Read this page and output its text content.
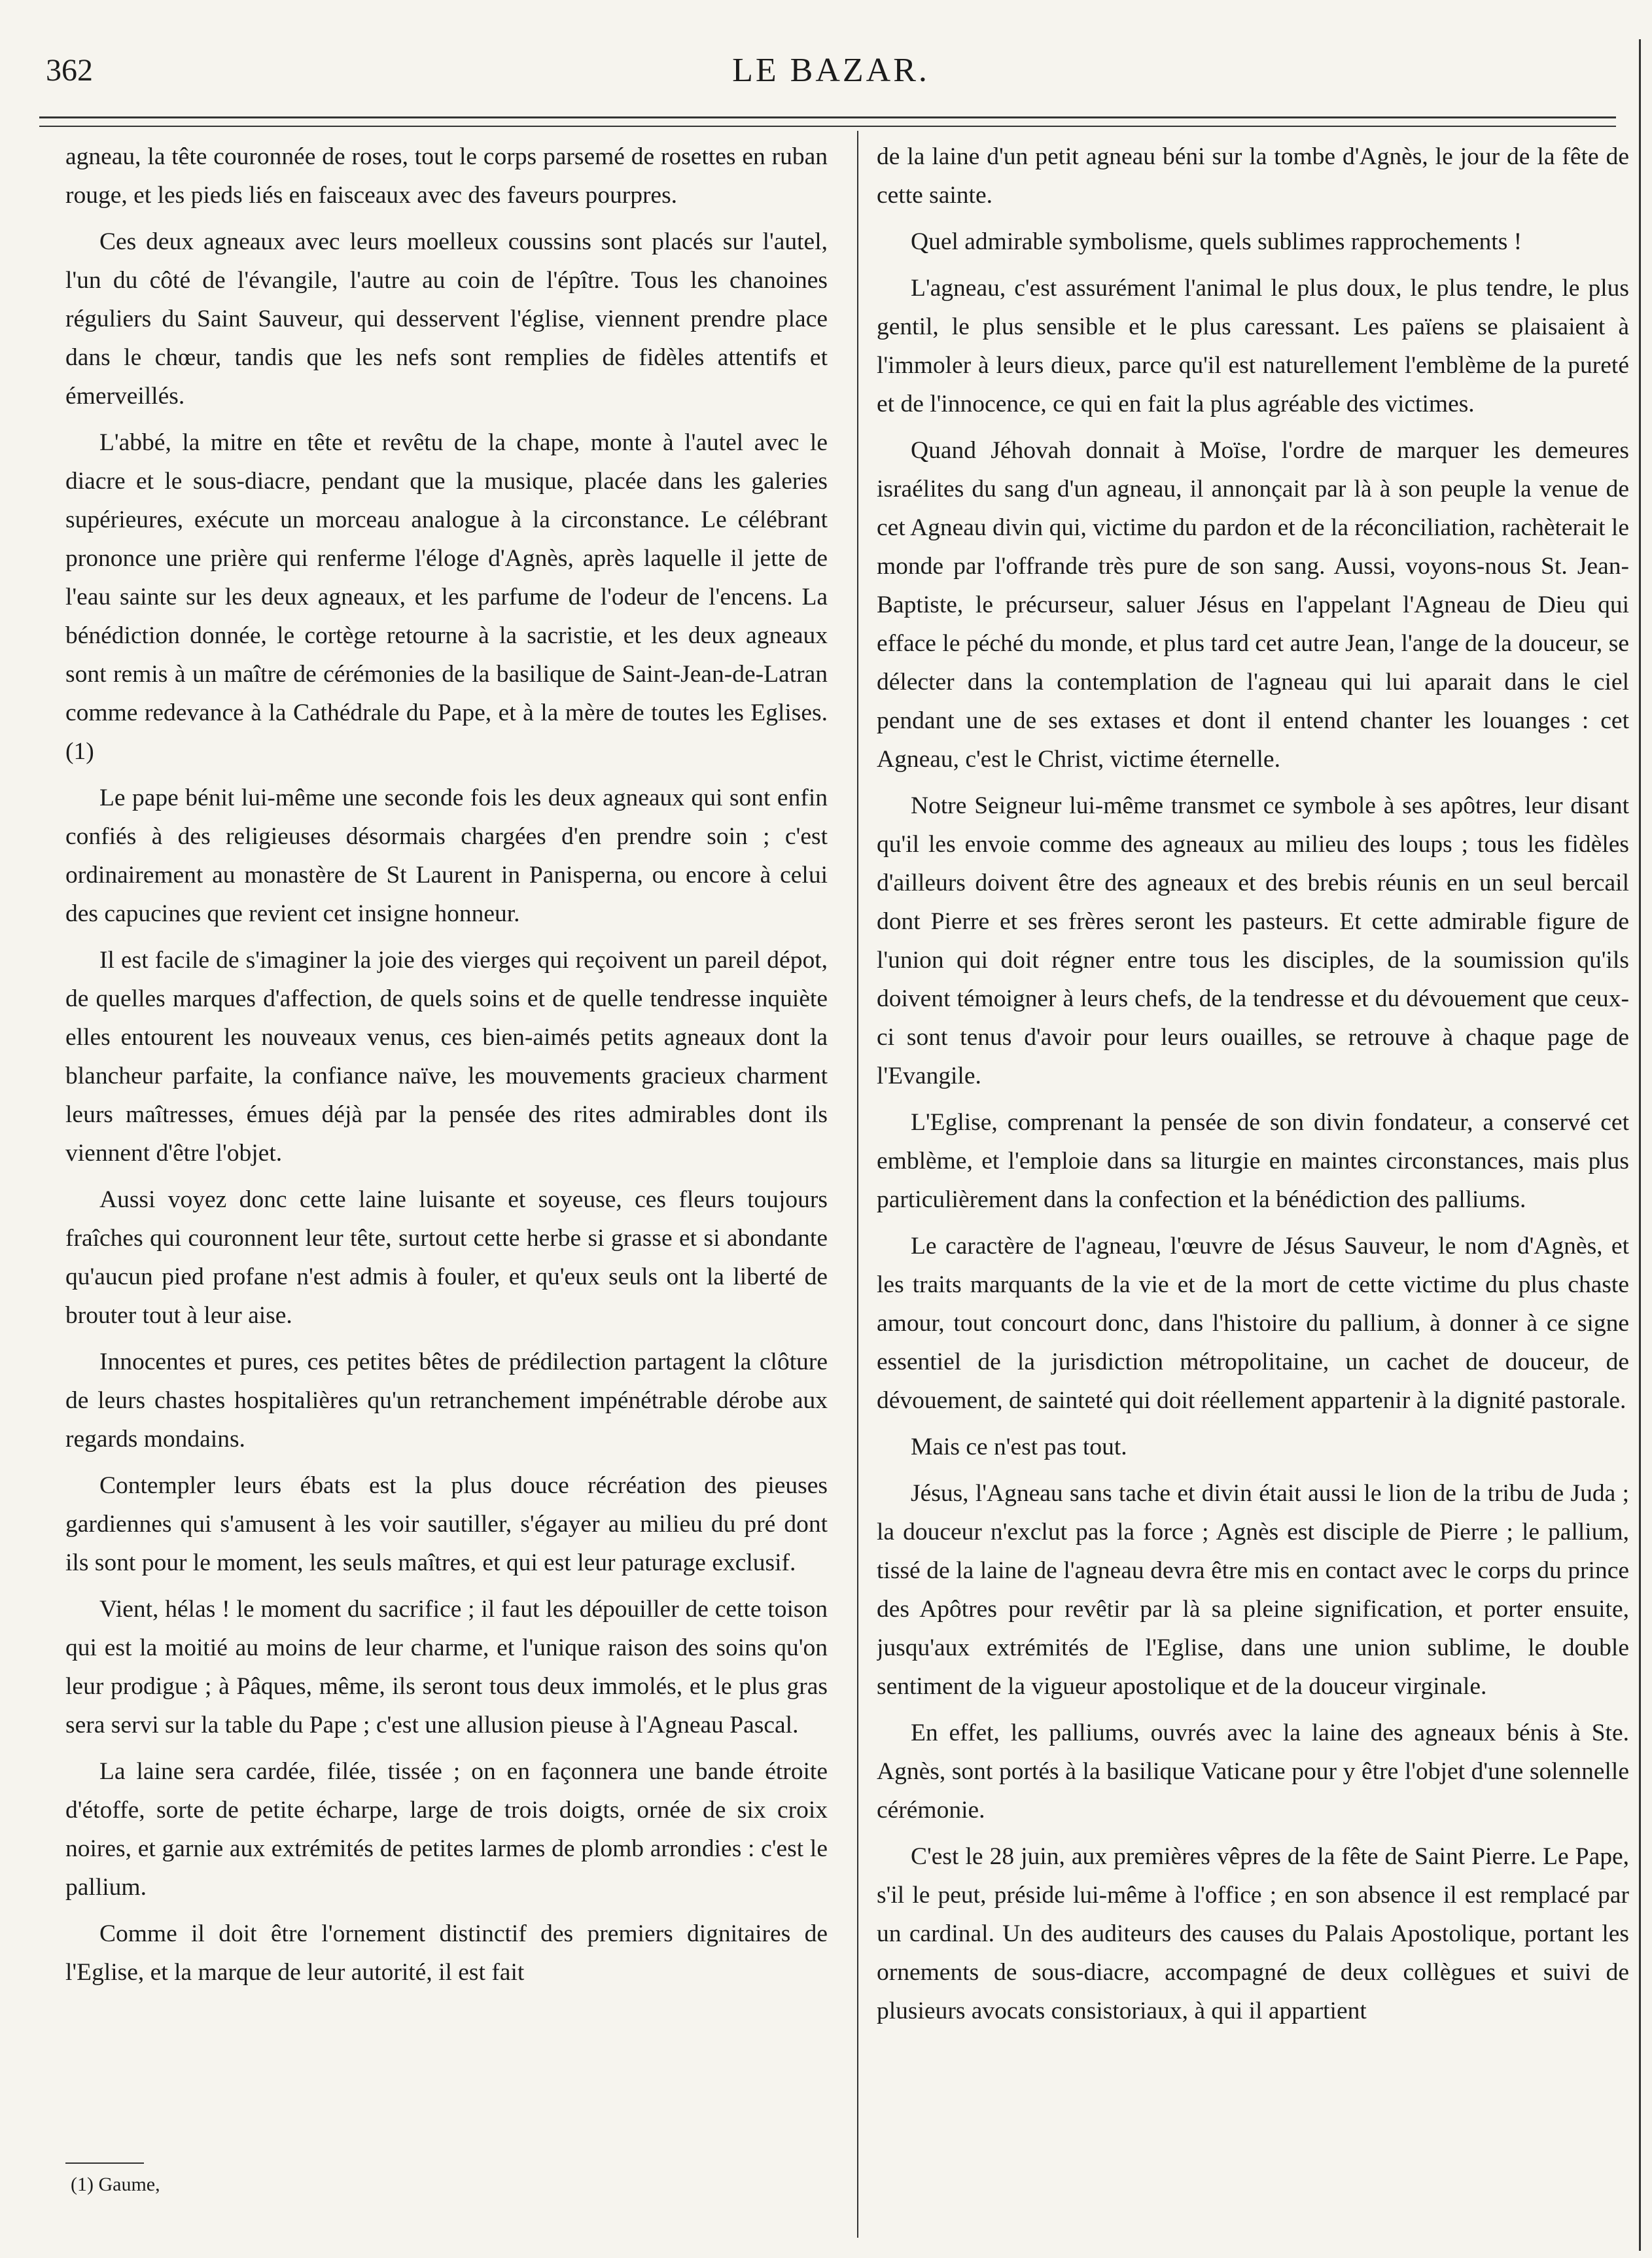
362	LE BAZAR.

agneau, la tête couronnée de roses, tout le corps parsemé de rosettes en ruban rouge, et les pieds liés en faisceaux avec des faveurs pourpres.

Ces deux agneaux avec leurs moelleux coussins sont placés sur l'autel, l'un du côté de l'évangile, l'autre au coin de l'épître. Tous les chanoines réguliers du Saint Sauveur, qui desservent l'église, viennent prendre place dans le chœur, tandis que les nefs sont remplies de fidèles attentifs et émerveillés.

L'abbé, la mitre en tête et revêtu de la chape, monte à l'autel avec le diacre et le sous-diacre, pendant que la musique, placée dans les galeries supérieures, exécute un morceau analogue à la circonstance. Le célébrant prononce une prière qui renferme l'éloge d'Agnès, après laquelle il jette de l'eau sainte sur les deux agneaux, et les parfume de l'odeur de l'encens. La bénédiction donnée, le cortège retourne à la sacristie, et les deux agneaux sont remis à un maître de cérémonies de la basilique de Saint-Jean-de-Latran comme redevance à la Cathédrale du Pape, et à la mère de toutes les Eglises. (1)

Le pape bénit lui-même une seconde fois les deux agneaux qui sont enfin confiés à des religieuses désormais chargées d'en prendre soin ; c'est ordinairement au monastère de St Laurent in Panisperna, ou encore à celui des capucines que revient cet insigne honneur.

Il est facile de s'imaginer la joie des vierges qui reçoivent un pareil dépot, de quelles marques d'affection, de quels soins et de quelle tendresse inquiète elles entourent les nouveaux venus, ces bien-aimés petits agneaux dont la blancheur parfaite, la confiance naïve, les mouvements gracieux charment leurs maîtresses, émues déjà par la pensée des rites admirables dont ils viennent d'être l'objet.

Aussi voyez donc cette laine luisante et soyeuse, ces fleurs toujours fraîches qui couronnent leur tête, surtout cette herbe si grasse et si abondante qu'aucun pied profane n'est admis à fouler, et qu'eux seuls ont la liberté de brouter tout à leur aise.

Innocentes et pures, ces petites bêtes de prédilection partagent la clôture de leurs chastes hospitalières qu'un retranchement impénétrable dérobe aux regards mondains.

Contempler leurs ébats est la plus douce récréation des pieuses gardiennes qui s'amusent à les voir sautiller, s'égayer au milieu du pré dont ils sont pour le moment, les seuls maîtres, et qui est leur paturage exclusif.

Vient, hélas ! le moment du sacrifice ; il faut les dépouiller de cette toison qui est la moitié au moins de leur charme, et l'unique raison des soins qu'on leur prodigue ; à Pâques, même, ils seront tous deux immolés, et le plus gras sera servi sur la table du Pape ; c'est une allusion pieuse à l'Agneau Pascal.

La laine sera cardée, filée, tissée ; on en façonnera une bande étroite d'étoffe, sorte de petite écharpe, large de trois doigts, ornée de six croix noires, et garnie aux extrémités de petites larmes de plomb arrondies : c'est le pallium.

Comme il doit être l'ornement distinctif des premiers dignitaires de l'Eglise, et la marque de leur autorité, il est fait

de la laine d'un petit agneau béni sur la tombe d'Agnès, le jour de la fête de cette sainte.

Quel admirable symbolisme, quels sublimes rapprochements !

L'agneau, c'est assurément l'animal le plus doux, le plus tendre, le plus gentil, le plus sensible et le plus caressant. Les païens se plaisaient à l'immoler à leurs dieux, parce qu'il est naturellement l'emblème de la pureté et de l'innocence, ce qui en fait la plus agréable des victimes.

Quand Jéhovah donnait à Moïse, l'ordre de marquer les demeures israélites du sang d'un agneau, il annonçait par là à son peuple la venue de cet Agneau divin qui, victime du pardon et de la réconciliation, rachèterait le monde par l'offrande très pure de son sang. Aussi, voyons-nous St. Jean-Baptiste, le précurseur, saluer Jésus en l'appelant l'Agneau de Dieu qui efface le péché du monde, et plus tard cet autre Jean, l'ange de la douceur, se délecter dans la contemplation de l'agneau qui lui aparait dans le ciel pendant une de ses extases et dont il entend chanter les louanges : cet Agneau, c'est le Christ, victime éternelle.

Notre Seigneur lui-même transmet ce symbole à ses apôtres, leur disant qu'il les envoie comme des agneaux au milieu des loups ; tous les fidèles d'ailleurs doivent être des agneaux et des brebis réunis en un seul bercail dont Pierre et ses frères seront les pasteurs. Et cette admirable figure de l'union qui doit régner entre tous les disciples, de la soumission qu'ils doivent témoigner à leurs chefs, de la tendresse et du dévouement que ceux-ci sont tenus d'avoir pour leurs ouailles, se retrouve à chaque page de l'Evangile.

L'Eglise, comprenant la pensée de son divin fondateur, a conservé cet emblème, et l'emploie dans sa liturgie en maintes circonstances, mais plus particulièrement dans la confection et la bénédiction des palliums.

Le caractère de l'agneau, l'œuvre de Jésus Sauveur, le nom d'Agnès, et les traits marquants de la vie et de la mort de cette victime du plus chaste amour, tout concourt donc, dans l'histoire du pallium, à donner à ce signe essentiel de la jurisdiction métropolitaine, un cachet de douceur, de dévouement, de sainteté qui doit réellement appartenir à la dignité pastorale.

Mais ce n'est pas tout.

Jésus, l'Agneau sans tache et divin était aussi le lion de la tribu de Juda ; la douceur n'exclut pas la force ; Agnès est disciple de Pierre ; le pallium, tissé de la laine de l'agneau devra être mis en contact avec le corps du prince des Apôtres pour revêtir par là sa pleine signification, et porter ensuite, jusqu'aux extrémités de l'Eglise, dans une union sublime, le double sentiment de la vigueur apostolique et de la douceur virginale.

En effet, les palliums, ouvrés avec la laine des agneaux bénis à Ste. Agnès, sont portés à la basilique Vaticane pour y être l'objet d'une solennelle cérémonie.

C'est le 28 juin, aux premières vêpres de la fête de Saint Pierre. Le Pape, s'il le peut, préside lui-même à l'office ; en son absence il est remplacé par un cardinal. Un des auditeurs des causes du Palais Apostolique, portant les ornements de sous-diacre, accompagné de deux collègues et suivi de plusieurs avocats consistoriaux, à qui il appartient

(1) Gaume,
